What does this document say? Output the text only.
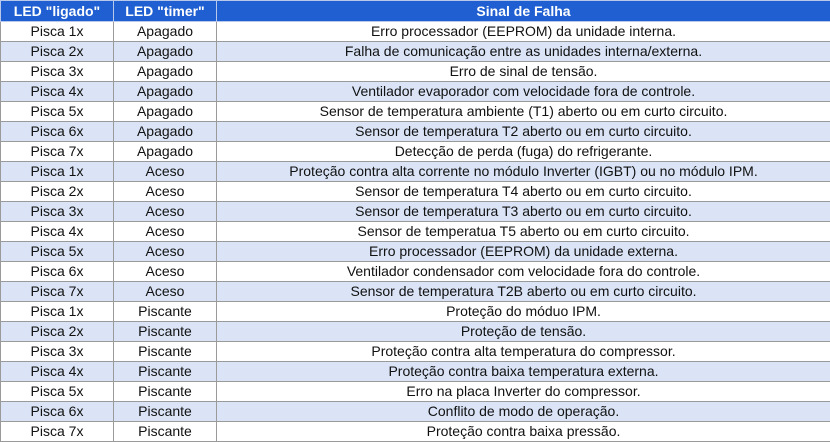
LED "ligado"	LED "timer"	Sinal de Falha
Pisca 1x	Apagado	Erro processador (EEPROM) da unidade interna.
Pisca 2x	Apagado	Falha de comunicação entre as unidades interna/externa.
Pisca 3x	Apagado	Erro de sinal de tensão.
Pisca 4x	Apagado	Ventilador evaporador com velocidade fora de controle.
Pisca 5x	Apagado	Sensor de temperatura ambiente (T1) aberto ou em curto circuito.
Pisca 6x	Apagado	Sensor de temperatura T2 aberto ou em curto circuito.
Pisca 7x	Apagado	Detecção de perda (fuga) do refrigerante.
Pisca 1x	Aceso	Proteção contra alta corrente no módulo Inverter (IGBT) ou no módulo IPM.
Pisca 2x	Aceso	Sensor de temperatura T4 aberto ou em curto circuito.
Pisca 3x	Aceso	Sensor de temperatura T3 aberto ou em curto circuito.
Pisca 4x	Aceso	Sensor de temperatua T5 aberto ou em curto circuito.
Pisca 5x	Aceso	Erro processador (EEPROM) da unidade externa.
Pisca 6x	Aceso	Ventilador condensador com velocidade fora do controle.
Pisca 7x	Aceso	Sensor de temperatura T2B aberto ou em curto circuito.
Pisca 1x	Piscante	Proteção do móduo IPM.
Pisca 2x	Piscante	Proteção de tensão.
Pisca 3x	Piscante	Proteção contra alta temperatura do compressor.
Pisca 4x	Piscante	Proteção contra baixa temperatura externa.
Pisca 5x	Piscante	Erro na placa Inverter do compressor.
Pisca 6x	Piscante	Conflito de modo de operação.
Pisca 7x	Piscante	Proteção contra baixa pressão.
